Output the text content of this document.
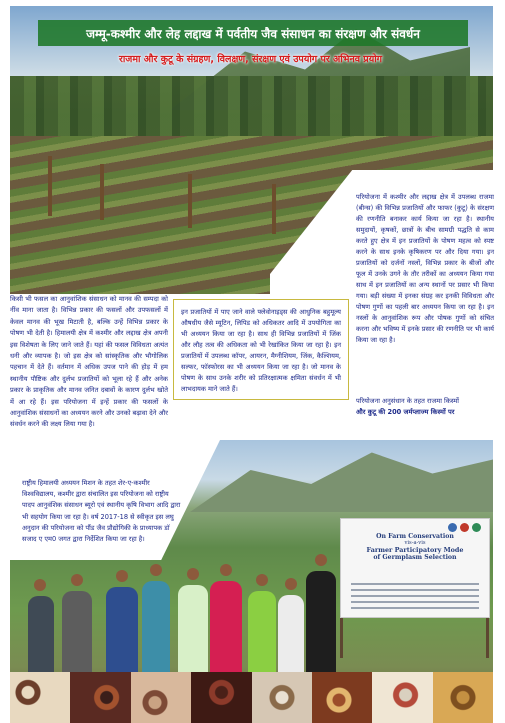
जम्मू-कश्मीर और लेह लद्दाख में पर्वतीय जैव संसाधन का संरक्षण और संवर्धन
राजमा और कुटू के संग्रहण, विलक्षण, संरक्षण एवं उपयोग पर अभिनव प्रयोग

परियोजना में कश्मीर और लद्दाख क्षेत्र में उपलब्ध राजमा (बीन्स) की विभिन्न प्रजातियों और फाफर (कुटू) के संरक्षण की रणनीति बनाकर कार्य किया जा रहा है। स्थानीय समुदायों, कृषकों, छात्रों के बीच सामग्री पद्धति से काम करते हुए क्षेत्र में इन प्रजातियों के पोषण महत्व को स्पष्ट करने के साथ इनके कृषिकरण पर और दिया गया। इन प्रजातियों को दर्जनों नस्लों, विभिन्न प्रकार के बीजों और फूल में उनके उगने के तौर तरीकों का अध्ययन किया गया साथ में इन प्रजातियों का अन्य स्थानों पर प्रसार भी किया गया। बड़ी संख्या में इनका संग्रह कर इनकी विविधता और पोषण गुणों का पहली बार अध्ययन किया जा रहा है। इन नस्लों के आनुवांशिक रूप और पोषक गुणों को संचित करना और भविष्य में इनके प्रसार की रणनीति पर भी कार्य किया जा रहा है।

परियोजना अनुसंधान के तहत राजमा किस्मों
और कुटू की 200 जर्मप्लाज्म किस्मों पर
किसी भी फसल का आनुवांशिक संसाधन को मानव की सम्पदा को नींव माना जाता है। विभिन्न प्रकार की फसलों और उपफसलों में केवल मानव की भूख मिटाती है, बल्कि उन्हें विभिन्न प्रकार के पोषण भी देती है। हिमालयी क्षेत्र में कश्मीर और लद्दाख क्षेत्र अपनी इस विशेषता के लिए जाने जाते हैं। यहां की फसल विविधता अत्यंत धनी और व्यापक है। जो इस क्षेत्र को सांस्कृतिक और भौगोलिक पहचान में देते हैं। वर्तमान में अधिक उपज पाने की होड़ में हम स्थानीय पौष्टिक और दुर्लभ प्रजातियों को भूला रहे हैं और अनेक प्रकार के प्राकृतिक और मानव जनित दबावों के कारण दुर्लभ खोते में आ रहे हैं। इस परियोजना में इन्हें प्रकार की फसलों के आनुवांशिक संसाधनों का अध्ययन करने और उनको बढ़ावा देने और संवर्धन करने की लक्ष्य लिया गया है।
इन प्रजातियों में पाए जाने वाले फ्लेवोनाइड्स की आधुनिक बहुमूल्य औषधीय जैसे म्यूटिन, लिपिड को अधिकतर आदि में उपयोगिता का भी अध्ययन किया जा रहा है। साथ ही विभिन्न प्रजातियों में जिंक और लौह तत्व की अधिकता को भी रेखांकित किया जा रहा है। इन प्रजातियों में उपलब्ध कॉपर, आयरन, मैग्नीशियम, जिंक, कैल्शियम, सल्फर, फॉस्फोरस का भी अध्ययन किया जा रहा है। जो मानव के पोषण के साथ उनके शरीर को प्रतिरक्षात्मक क्षमिता संवर्धन में भी लाभदायक माने जाते हैं।
राष्ट्रीय हिमालयी अध्ययन मिशन के तहत शेर-ए-कश्मीर विश्वविद्यालय, कश्मीर द्वारा संचालित इस परियोजना को राष्ट्रीय पादप आनुवंशिक संसाधन ब्यूरो एवं स्थानीय कृषि विभाग आदि द्वारा भी सहयोग किया जा रहा है। वर्ष 2017-18 से स्वीकृत इस लघु अनुदान की परियोजना को पौंड जैव प्रौद्योगिकी के प्राध्यापक डॉ सजाद ए एम0 जगत द्वारा निर्देशित किया जा रहा है।	On Farm Conservation
vis-a-vis
Farmer Participatory Mode
of Germplasm Selection
